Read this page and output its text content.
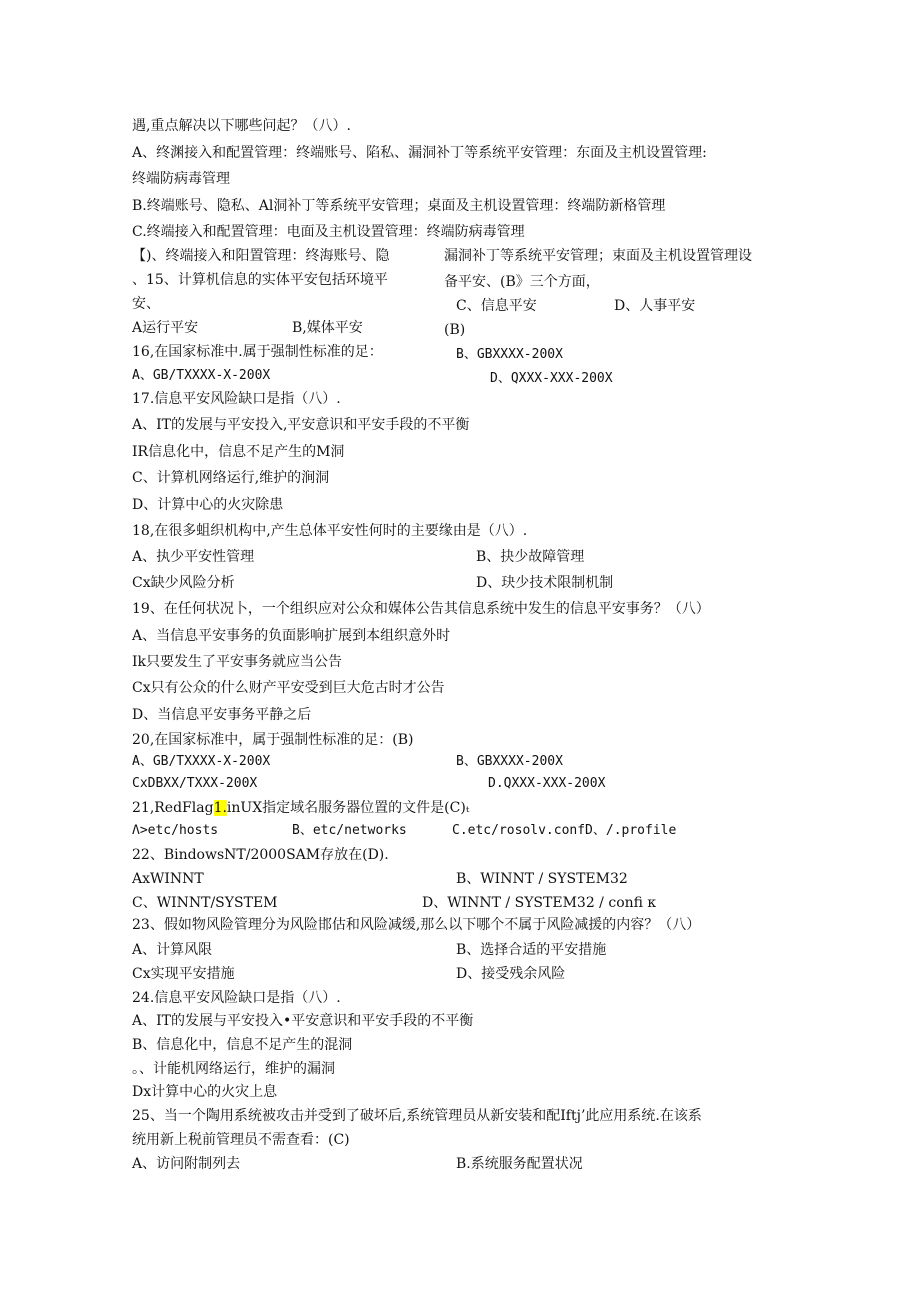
遇,重点解决以下哪些问起？（八）.
A、终渊接入和配置管理：终端账号、陷私、漏洞补丁等系统平安管理：东面及主机设置管理:
终端防病毒管理
B.终端账号、隐私、Al洞补丁等系统平安管理；桌面及主机设置管理：终端防新格管理
C.终端接入和配置管理：电面及主机设置管理：终端防病毒管理
【)、终端接入和阳置管理：终海账号、隐	漏洞补丁等系统平安管理；束面及主机设置管理设
、15、计算机信息的实体平安包括环境平	备平安、(B》三个方面，
安、	C、信息平安	D、人事平安
A运行平安	B,媒体平安	(B)
16,在国家标准中.属于强制性标准的足：	B、GBXXXX-200X
A、GB/TXXXX-X-200X	D、QXXX-XXX-200X
17.信息平安风险缺口是指（八）.
A、IT的发展与平安投入,平安意识和平安手段的不平衡
IR信息化中，信息不足产生的M洞
C、计算机网络运行,维护的涧洞
D、计算中心的火灾除患
18,在很多蛆织机构中,产生总体平安性何时的主要缘由是（八）.
A、执少平安性管理	B、抉少故障管理
Cx缺少风险分析	D、玦少技术限制机制
19、在任何状况卜，一个组织应对公众和媒体公告其信息系统中发生的信息平安事务？（八）
A、当信息平安事务的负面影响扩展到本组织意外时
Ik只要发生了平安事务就应当公告
Cx只有公众的什么财产平安受到巨大危古时才公告
D、当信息平安事务平静之后
20,在国家标准中，属于强制性标准的足：(B)
A、GB/TXXXX-X-200X	B、GBXXXX-200X
CxDBXX/TXXX-200X	D.QXXX-XXX-200X
21,RedFlag1.inUX指定域名服务器位置的文件是(C)ₜ
Λ>etc/hosts	B、etc/networks	C.etc/rosolv.confD、/.profile
22、BindowsNT/2000SAM存放在(D).
AxWINNT	B、WINNT / SYSTEM32
C、WINNT/SYSTEM	D、WINNT / SYSTEM32 / confi κ
23、假如物风险管理分为风险邯估和风险减缓,那么以下哪个不属于风险减援的内容？（八）
A、计算风限	B、选择合适的平安措施
Cx实现平安措施	D、接受残余风险
24.信息平安风险缺口是指（八）.
A、IT的发展与平安投入•平安意识和平安手段的不平衡
B、信息化中，信息不足产生的混洞
。、计能机网络运行，维护的漏洞
Dx计算中心的火灾上息
25、当一个陶用系统被攻击并受到了破坏后,系统管理员从新安装和配Iftj’此应用系统.在该系
统用新上税前管理员不需查看：(C)
A、访问附制列去	B.系统服务配置状况
